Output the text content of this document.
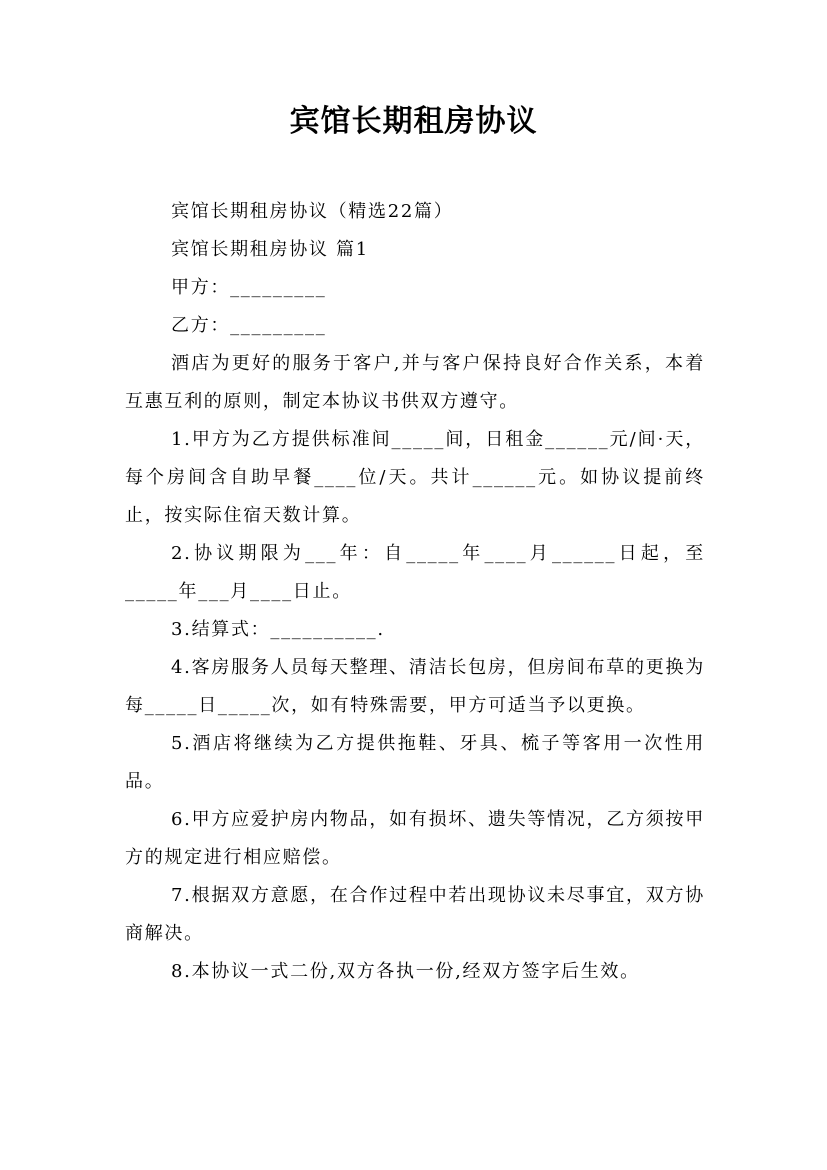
宾馆长期租房协议
宾馆长期租房协议（精选22篇）
宾馆长期租房协议 篇1
甲方：_________
乙方：_________
酒店为更好的服务于客户,并与客户保持良好合作关系，本着互惠互利的原则，制定本协议书供双方遵守。
1.甲方为乙方提供标准间_____间，日租金______元/间·天，每个房间含自助早餐____位/天。共计______元。如协议提前终止，按实际住宿天数计算。
2.协议期限为___年：自_____年____月______日起，至_____年___月____日止。
3.结算式：__________.
4.客房服务人员每天整理、清洁长包房，但房间布草的更换为每_____日_____次，如有特殊需要，甲方可适当予以更换。
5.酒店将继续为乙方提供拖鞋、牙具、梳子等客用一次性用品。
6.甲方应爱护房内物品，如有损坏、遗失等情况，乙方须按甲方的规定进行相应赔偿。
7.根据双方意愿，在合作过程中若出现协议未尽事宜，双方协商解决。
8.本协议一式二份,双方各执一份,经双方签字后生效。
